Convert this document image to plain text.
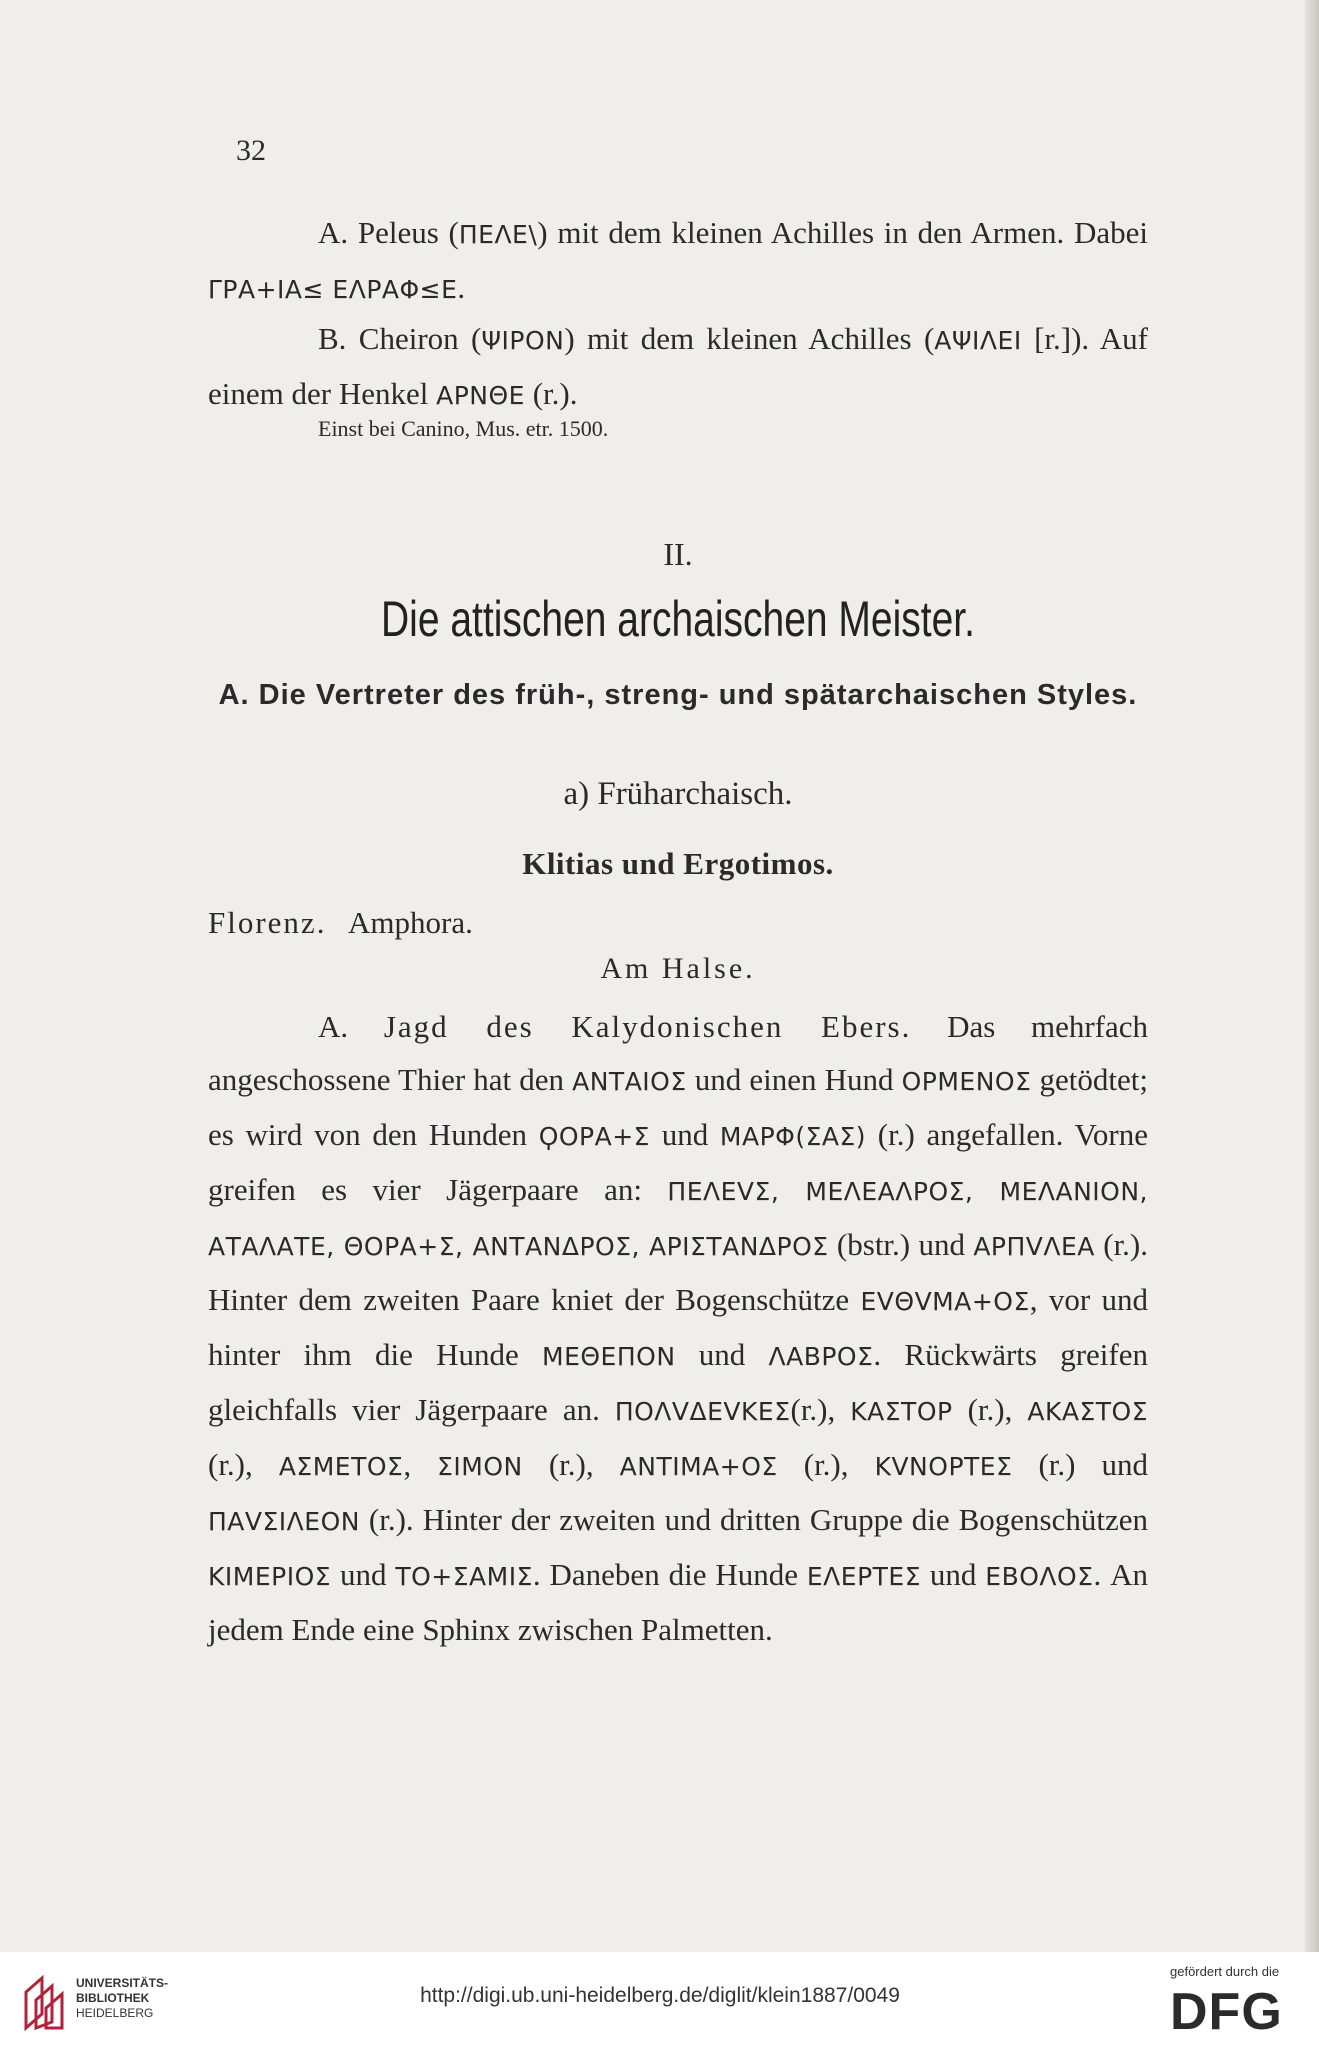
32
A. Peleus (ΠΕΛΕ\) mit dem kleinen Achilles in den Armen. Dabei ΓΡΑ+ΙΑ≤ ΕΛΡΑΦ≤Ε.
B. Cheiron (ΨΙΡΟΝ) mit dem kleinen Achilles (ΑΨΙΛΕΙ [r.]). Auf einem der Henkel ΑΡΝΘΕ (r.).
Einst bei Canino, Mus. etr. 1500.
II.
Die attischen archaischen Meister.
A. Die Vertreter des früh-, streng- und spätarchaischen Styles.
a) Früharchaisch.
Klitias und Ergotimos.
Florenz. Amphora.
Am Halse.
A. Jagd des Kalydonischen Ebers. Das mehrfach angeschossene Thier hat den ΑΝΤΑΙΟΣ und einen Hund ΟΡΜΕΝΟΣ getödtet; es wird von den Hunden ϘΟΡΑ+Σ und ΜΑΡΦ(ΣΑΣ) (r.) angefallen. Vorne greifen es vier Jägerpaare an: ΠΕΛΕVΣ, ΜΕΛΕΑΛΡΟΣ, ΜΕΛΑΝΙΟΝ, ΑΤΑΛΑΤΕ, ΘΟΡΑ+Σ, ΑΝΤΑΝΔΡΟΣ, ΑΡΙΣΤΑΝΔΡΟΣ (bstr.) und ΑΡΠVΛΕΑ (r.). Hinter dem zweiten Paare kniet der Bogenschütze ΕVΘVΜΑ+ΟΣ, vor und hinter ihm die Hunde ΜΕΘΕΠΟΝ und ΛΑΒΡΟΣ. Rückwärts greifen gleichfalls vier Jägerpaare an. ΠΟΛVΔΕVΚΕΣ(r.), ΚΑΣΤΟΡ (r.), ΑΚΑΣΤΟΣ (r.), ΑΣΜΕΤΟΣ, ΣΙΜΟΝ (r.), ΑΝΤΙΜΑ+ΟΣ (r.), ΚVΝΟΡΤΕΣ (r.) und ΠΑVΣΙΛΕΟΝ (r.). Hinter der zweiten und dritten Gruppe die Bogenschützen ΚΙΜΕΡΙΟΣ und ΤΟ+ΣΑΜΙΣ. Daneben die Hunde ΕΛΕΡΤΕΣ und ΕΒΟΛΟΣ. An jedem Ende eine Sphinx zwischen Palmetten.
UNIVERSITÄTS-
BIBLIOTHEK
HEIDELBERG
http://digi.ub.uni-heidelberg.de/diglit/klein1887/0049
gefördert durch die
DFG
